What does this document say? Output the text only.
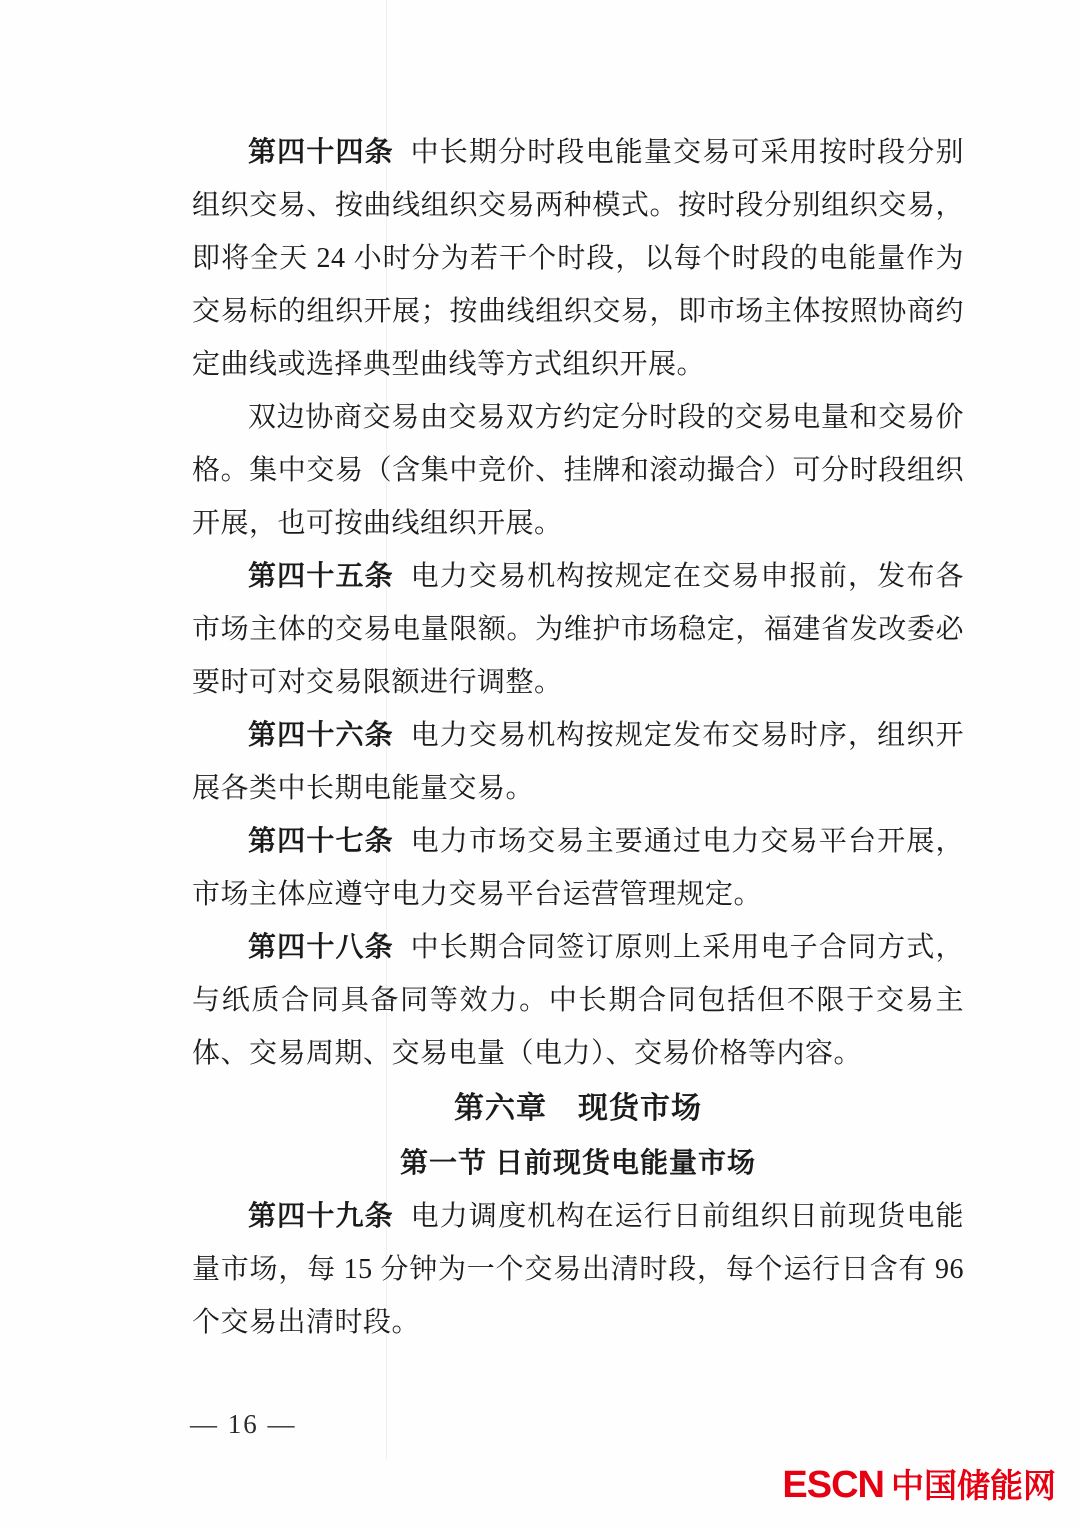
第四十四条 中长期分时段电能量交易可采用按时段分别组织交易、按曲线组织交易两种模式。按时段分别组织交易，即将全天 24 小时分为若干个时段，以每个时段的电能量作为交易标的组织开展；按曲线组织交易，即市场主体按照协商约定曲线或选择典型曲线等方式组织开展。

双边协商交易由交易双方约定分时段的交易电量和交易价格。集中交易（含集中竞价、挂牌和滚动撮合）可分时段组织开展，也可按曲线组织开展。

第四十五条 电力交易机构按规定在交易申报前，发布各市场主体的交易电量限额。为维护市场稳定，福建省发改委必要时可对交易限额进行调整。

第四十六条 电力交易机构按规定发布交易时序，组织开展各类中长期电能量交易。

第四十七条 电力市场交易主要通过电力交易平台开展，市场主体应遵守电力交易平台运营管理规定。

第四十八条 中长期合同签订原则上采用电子合同方式，与纸质合同具备同等效力。中长期合同包括但不限于交易主体、交易周期、交易电量（电力）、交易价格等内容。

第六章　现货市场
第一节 日前现货电能量市场

第四十九条 电力调度机构在运行日前组织日前现货电能量市场，每 15 分钟为一个交易出清时段，每个运行日含有 96 个交易出清时段。

— 16 —
ESCN 中国储能网
